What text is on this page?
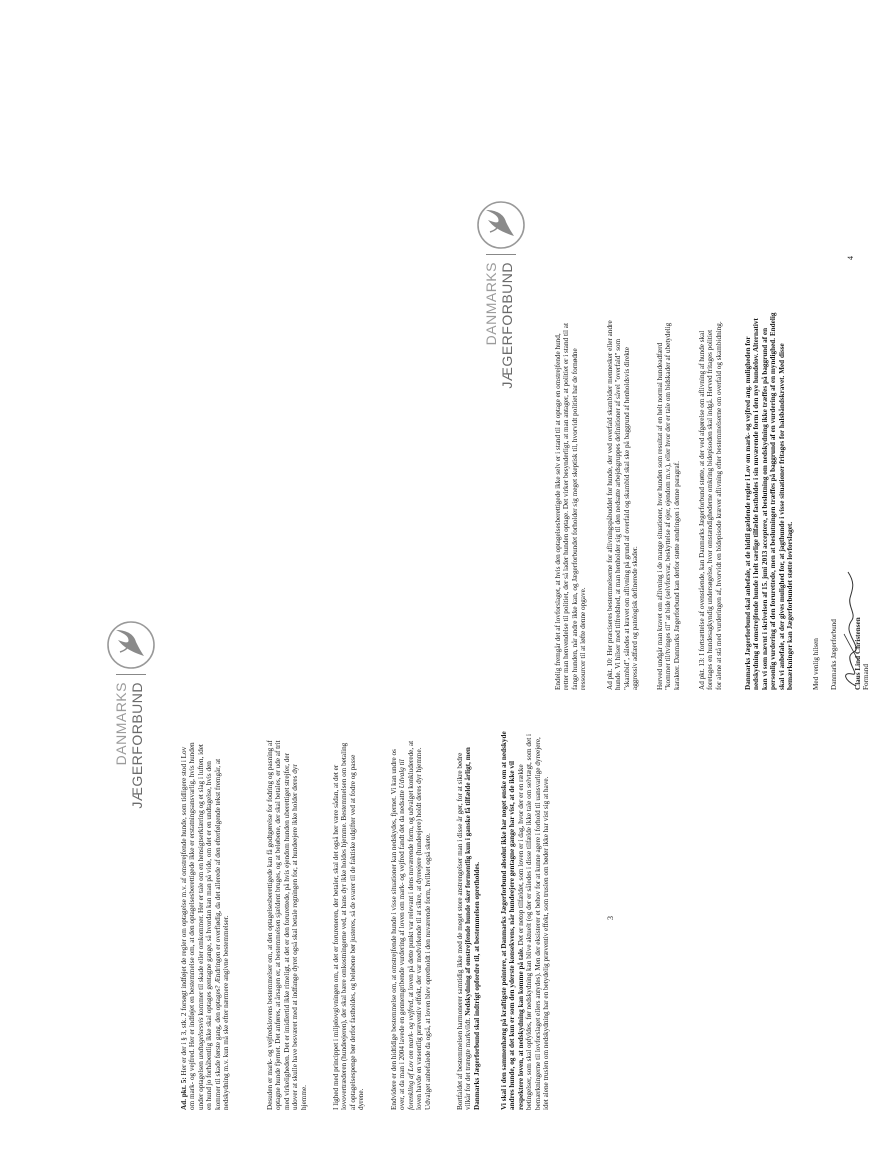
DANMARKS JÆGERFORBUND
Ad. pkt. 5: Her er der i § 3, stk. 2 forsøgt indføjet de regler om optagelse m.v. af omstrejfende hunde, som tidligere stod i Lov om mark- og vejfred. Her er indføjet en bestemmelse om, at den optagelsesberettigede ikke er erstatningsansvarlig, hvis hunden under optagelsen undtagelsesvis kommer til skade eller omkommer. Her er tale om en hensigtserklæring og et slag i luften, idet en hund jo forhåbentlig ikke skal optages gentagne gange, så hvordan kan man på vide, om det er en undtagelse, hvis den kommer til skade første gang, den optages? Ændringen er overflødig, da det allerede af den efterfølgende tekst fremgår, at nedskydning m.v. kun må ske efter nærmere angivne bestemmelser.	Desuden er mark- og vejfredslovens bestemmelser om, at den optagelsesberettigede kan få godtgørelse for fodring og pasning af optagne hunde fjernet. Det anføres, at årsagen er, at bestemmelsen sjældent bruges, og at beløbene, der skal betales, er ude af trit med virkeligheden. Det er imidlertid ikke rimeligt, at det er den forurettede, på hvis ejendom hunden uberettiget strejfer, der udover at skulle have besværet med at indfange dyret også skal betale regningen for, at hundeejere ikke holder deres dyr hjemme.	I lighed med princippet i miljølovgivningen om, at det er forureneren, der betaler, skal det også her være sådan, at det er lovovertræderen (hundeejeren), der skal bære omkostningerne ved, at hans dyr ikke holdes hjemme. Bestemmelsen om betaling af optagelsespenge bør derfor fastholdes, og beløbene bør justeres, så de svarer til de faktiske udgifter ved at fodre og passe dyrene.	Endvidere er den hidtidige bestemmelse om, at omstrejfende hunde i visse situationer kan nedskydes, fjernet. Vi kan undre os over, at da man i 2004 lavede en gennemgribende vurdering af loven om mark- og vejfred fandt det da nedsatte Udvalg til forenkling af Lov om mark- og vejfred, at loven på dette punkt var relevant i dens nuværende form, og udvalget konkluderede, at loven havde en væsentlig præventiv effekt, der var medvirkende til at sikre, at dyreejere (hundeejere) holdt deres dyr hjemme. Udvalget anbefalede da også, at loven blev opretholdt i den nuværende form, hvilket også skete.	Bortfaldet af bestemmelsen harmonerer samtidig ikke med de meget store anstrengelser man i disse år gør, for at sikre bedre vilkår for det trængte markvildt. Nedskydning af omstrejfende hunde sker formentlig kun i ganske få tilfælde årligt, men Danmarks Jægerforbund skal indtrigt opfordre til, at bestemmelsen opretholdes.	Vi skal i den sammenhæng på kraftigste pointere, at Danmarks Jægerforbund absolut ikke har noget ønske om at nedskyde andres hunde, og at det kun er som den yderste konsekvens, når hundeejere gentagne gange har vist, at de ikke vil respektere loven, at nedskydning kan komme på tale. Det er netop tilfældet, som loven er i dag, hvor der er en række betingelser, som skal opfyldes, før nedskydning kan blive aktuelt (og der er således i disse tilfælde ikke tale om selvtægt, som det i bemærkningerne til lovforslaget ellers antydes). Men der eksisterer et behov for at kunne agere i forhold til uansvarlige dyreejere, idet alene truslen om nedskydning har en betydelig præventiv effekt, som truslen om bøder ikke har vist sig at have.	3
DANMARKS JÆGERFORBUND
Endelig fremgår det af lovforslaget, at hvis den optagelsesberettigede ikke selv er i stand til at optage en omstrejfende hund, retter man henvendelse til politiet, der så lader hunden optage. Det virker besynderligt, at man antager, at politiet er i stand til at fange hunden, når andre ikke kan, og Jægerforbundet forholder sig meget skeptisk til, hvorvidt politiet har de fornødne ressourcer til at løfte denne opgave.	Ad pkt. 10: Her præciseres bestemmelserne for aflivningspåbuddet for hunde, der ved overfald skambider mennesker eller andre hunde. Vi hilser med tilfredshed, at man henholder sig til den nedsatte arbejdsgruppes definitioner af såvel "overfald" som "skambid", således at kravet om aflivning på grund af overfald og skambid skal ske på baggrund af henholdsvis direkte aggressiv adfærd og patologisk definerede skader. Herved undgår man kravet om aflivning i de mange situationer, hvor hunden som resultat af en helt normal hundeadfærd "kommer til/tvinges til" at bide (selvforsvar, beskyttelse af ejer, ejendom m.v.), eller hvor der er tale om bidskader af ubetydelig karakter. Danmarks Jægerforbund kan derfor støtte ændringen i denne paragraf. Ad pkt. 13: I fortsættelse af ovenstående, kan Danmarks Jægerforbund støtte, at der ved afgørelse om aflivning af hunde skal foretages en hundesagkyndig undersøgelse, hvor omstændighederne omkring bidepisoden skal indgå. Herved fritages politiet for alene at stå med vurderingen af, hvorvidt en bidepisode kræver aflivning efter bestemmelserne om overfald og skambidning.	Danmarks Jægerforbund skal anbefale, at de hidtil gældende regler i Lov om mark- og vejfred ang. muligheden for nedskydning af omstrejfende hunde i helt særlige tilfælde fastholdes i sin nuværende form i den nye hundelov. Alternativt kan vi som nævnt i skrivelsen af 15. juni 2013 acceptere, at beslutning om nedskydning ikke træffes på baggrund af en personlig vurdering af den forurettede, men at beslutningen træffes på baggrund af en vurdering af en myndighed. Endelig skal vi anbefale, at der gives mulighed for, at jagthunde i visse situationer fritages for halsbåndskravet. Med disse bemærkninger kan Jægerforbundet støtte lovforslaget. Med venlig hilsen Danmarks Jægerforbund Claus Lind Christensen Formand
4
